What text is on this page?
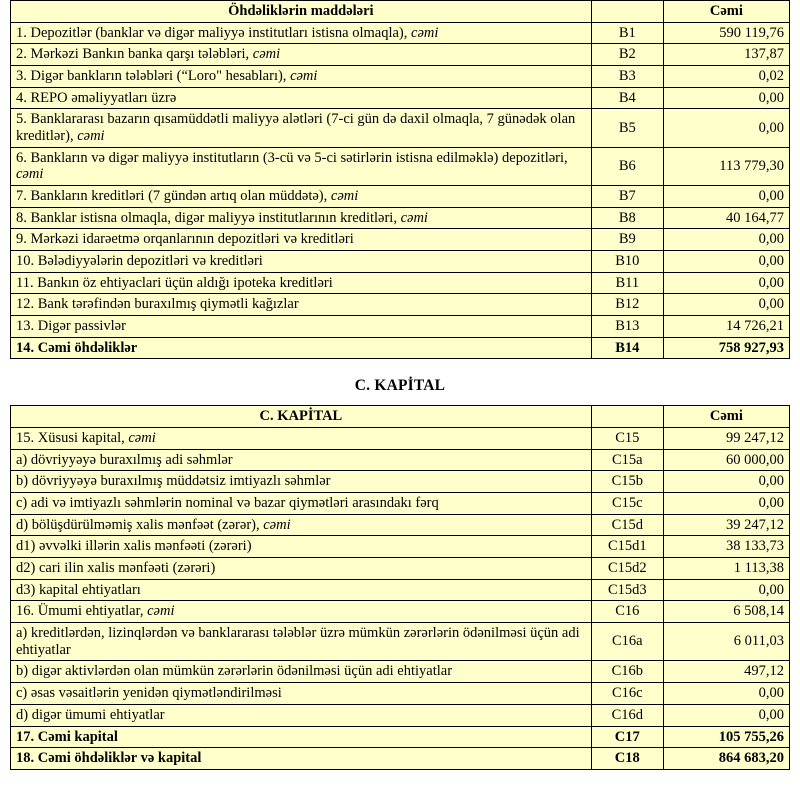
Öhdəliklərin maddələri		Cəmi
1. Depozitlər (banklar və digər maliyyə institutları istisna olmaqla), cəmi	B1	590 119,76
2. Mərkəzi Bankın banka qarşı tələbləri, cəmi	B2	137,87
3. Digər bankların tələbləri (“Loro" hesabları), cəmi	B3	0,02
4. REPO əməliyyatları üzrə	B4	0,00
5. Banklararası bazarın qısamüddətli maliyyə alətləri (7-ci gün də daxil olmaqla, 7 günədək olan kreditlər), cəmi	B5	0,00
6. Bankların və digər maliyyə institutların (3-cü və 5-ci sətirlərin istisna edilməklə) depozitləri, cəmi	B6	113 779,30
7. Bankların kreditləri (7 gündən artıq olan müddətə), cəmi	B7	0,00
8. Banklar istisna olmaqla, digər maliyyə institutlarının kreditləri, cəmi	B8	40 164,77
9. Mərkəzi idarəetmə orqanlarının depozitləri və kreditləri	B9	0,00
10. Bələdiyyələrin depozitləri və kreditləri	B10	0,00
11. Bankın öz ehtiyaclari üçün aldığı ipoteka kreditləri	B11	0,00
12. Bank tərəfindən buraxılmış qiymətli kağızlar	B12	0,00
13. Digər passivlər	B13	14 726,21
14. Cəmi öhdəliklər	B14	758 927,93
C. KAPİTAL
C. KAPİTAL		Cəmi
15. Xüsusi kapital, cəmi	C15	99 247,12
a) dövriyyəyə buraxılmış adi səhmlər	C15a	60 000,00
b) dövriyyəyə buraxılmış müddətsiz imtiyazlı səhmlər	C15b	0,00
c) adi və imtiyazlı səhmlərin nominal və bazar qiymətləri arasındakı fərq	C15c	0,00
d) bölüşdürülməmiş xalis mənfəət (zərər), cəmi	C15d	39 247,12
d1) əvvəlki illərin xalis mənfəəti (zərəri)	C15d1	38 133,73
d2) cari ilin xalis mənfəəti (zərəri)	C15d2	1 113,38
d3) kapital ehtiyatları	C15d3	0,00
16. Ümumi ehtiyatlar, cəmi	C16	6 508,14
a) kreditlərdən, lizinqlərdən və banklararası tələblər üzrə mümkün zərərlərin ödənilməsi üçün adi ehtiyatlar	C16a	6 011,03
b) digər aktivlərdən olan mümkün zərərlərin ödənilməsi üçün adi ehtiyatlar	C16b	497,12
c) əsas vəsaitlərin yenidən qiymətləndirilməsi	C16c	0,00
d) digər ümumi ehtiyatlar	C16d	0,00
17. Cəmi kapital	C17	105 755,26
18. Cəmi öhdəliklər və kapital	C18	864 683,20
